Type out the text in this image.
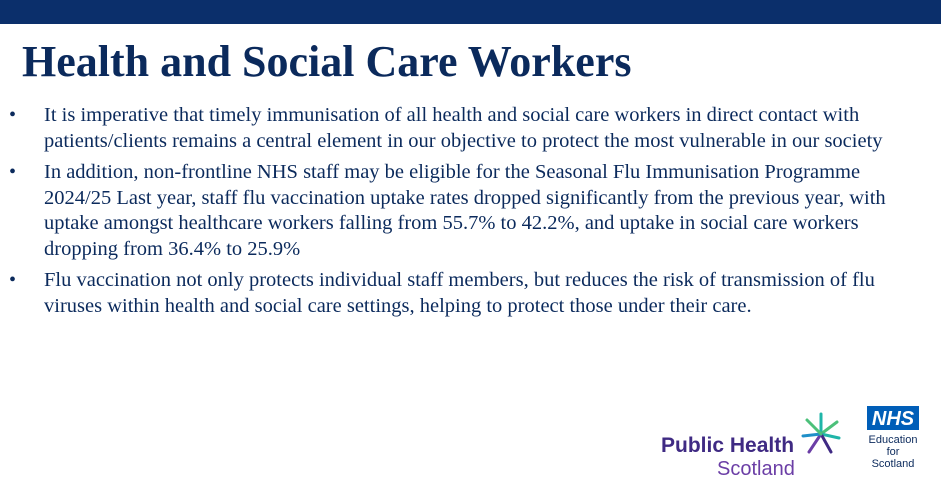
Health and Social Care Workers
• It is imperative that timely immunisation of all health and social care workers in direct contact with patients/clients remains a central element in our objective to protect the most vulnerable in our society
• In addition, non-frontline NHS staff may be eligible for the Seasonal Flu Immunisation Programme 2024/25 Last year, staff flu vaccination uptake rates dropped significantly from the previous year, with uptake amongst healthcare workers falling from 55.7% to 42.2%, and uptake in social care workers dropping from 36.4% to 25.9%
• Flu vaccination not only protects individual staff members, but reduces the risk of transmission of flu viruses within health and social care settings, helping to protect those under their care.
Public Health
Scotland
NHS
Education
for
Scotland
